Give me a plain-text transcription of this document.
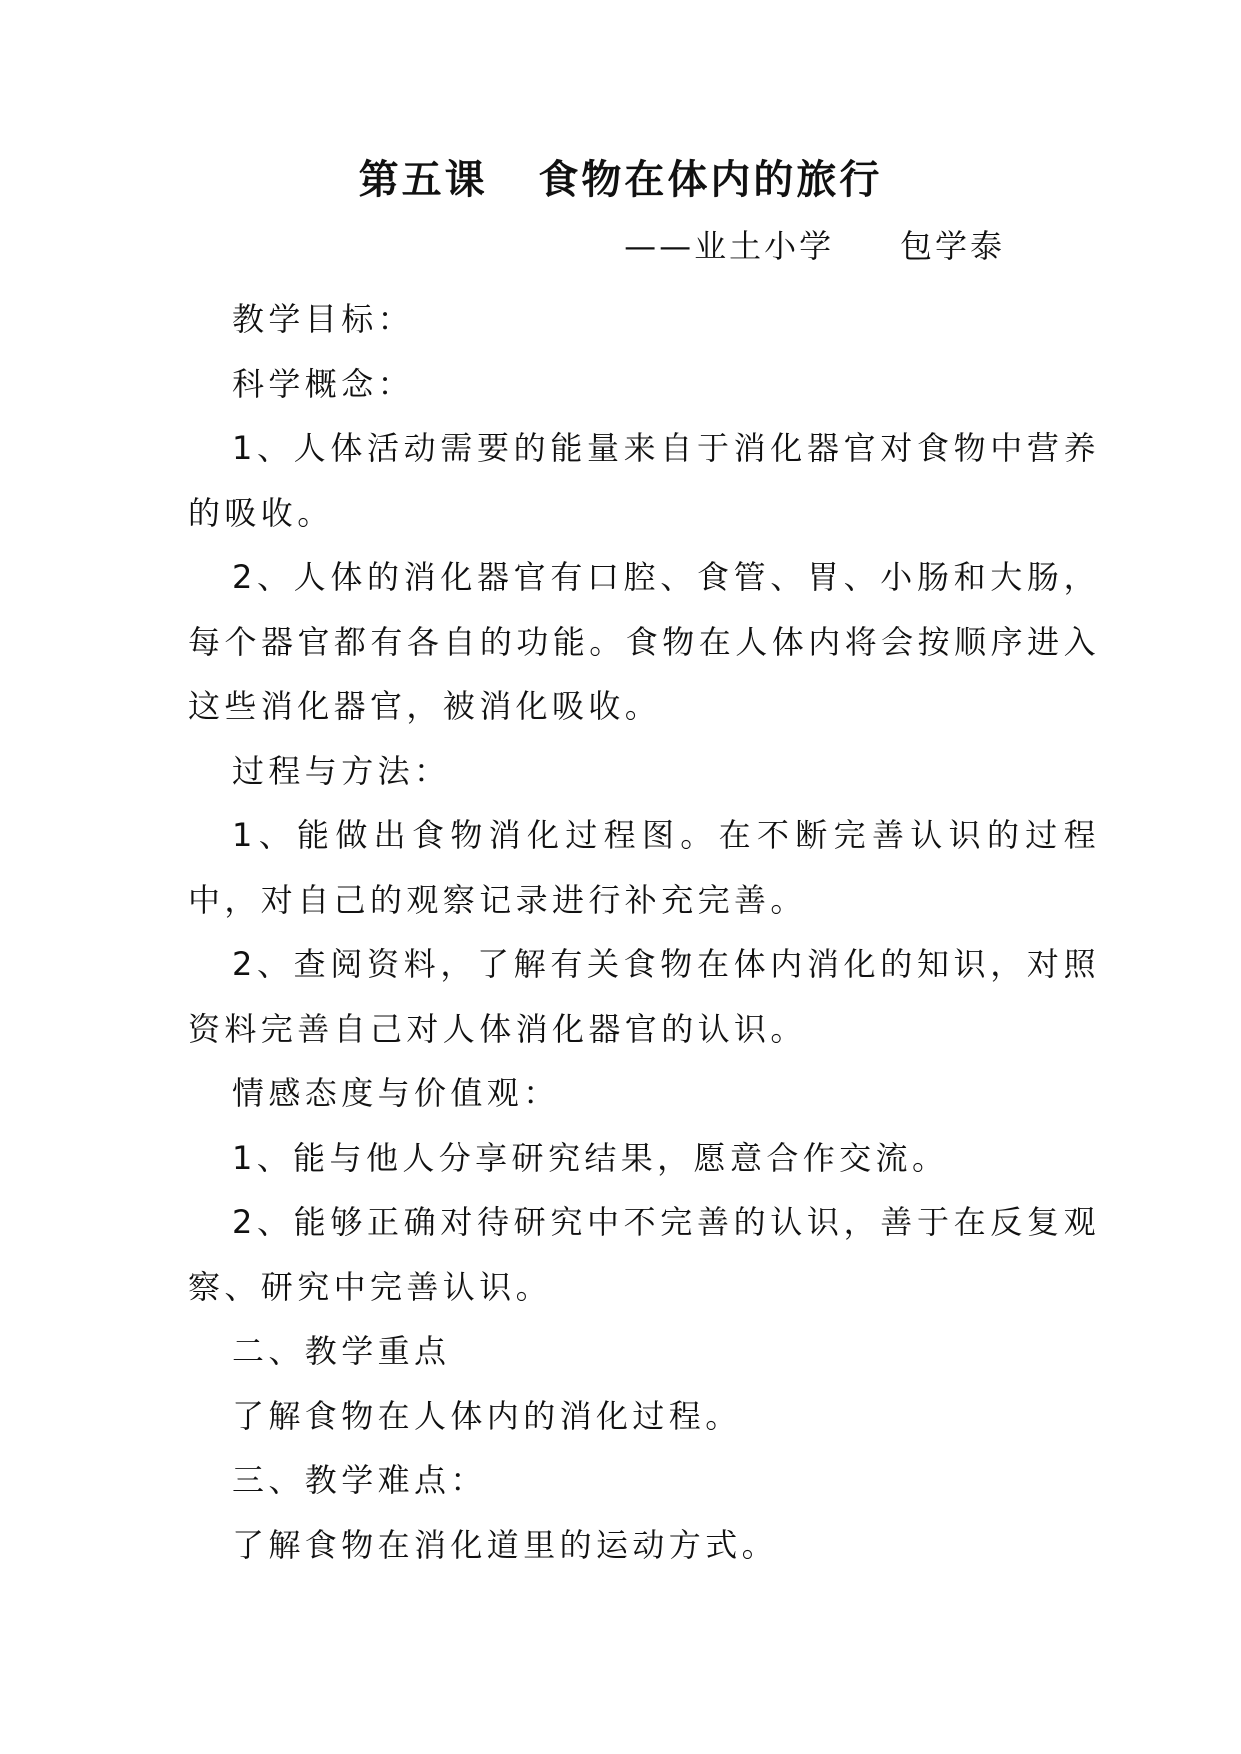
第五课   食物在体内的旅行
——业土小学     包学泰

教学目标：

科学概念：

1、人体活动需要的能量来自于消化器官对食物中营养的吸收。

2、人体的消化器官有口腔、食管、胃、小肠和大肠，每个器官都有各自的功能。食物在人体内将会按顺序进入这些消化器官，被消化吸收。

过程与方法：

1、能做出食物消化过程图。在不断完善认识的过程中，对自己的观察记录进行补充完善。

2、查阅资料，了解有关食物在体内消化的知识，对照资料完善自己对人体消化器官的认识。

情感态度与价值观：

1、能与他人分享研究结果，愿意合作交流。

2、能够正确对待研究中不完善的认识，善于在反复观察、研究中完善认识。

二、教学重点

了解食物在人体内的消化过程。

三、教学难点：

了解食物在消化道里的运动方式。
